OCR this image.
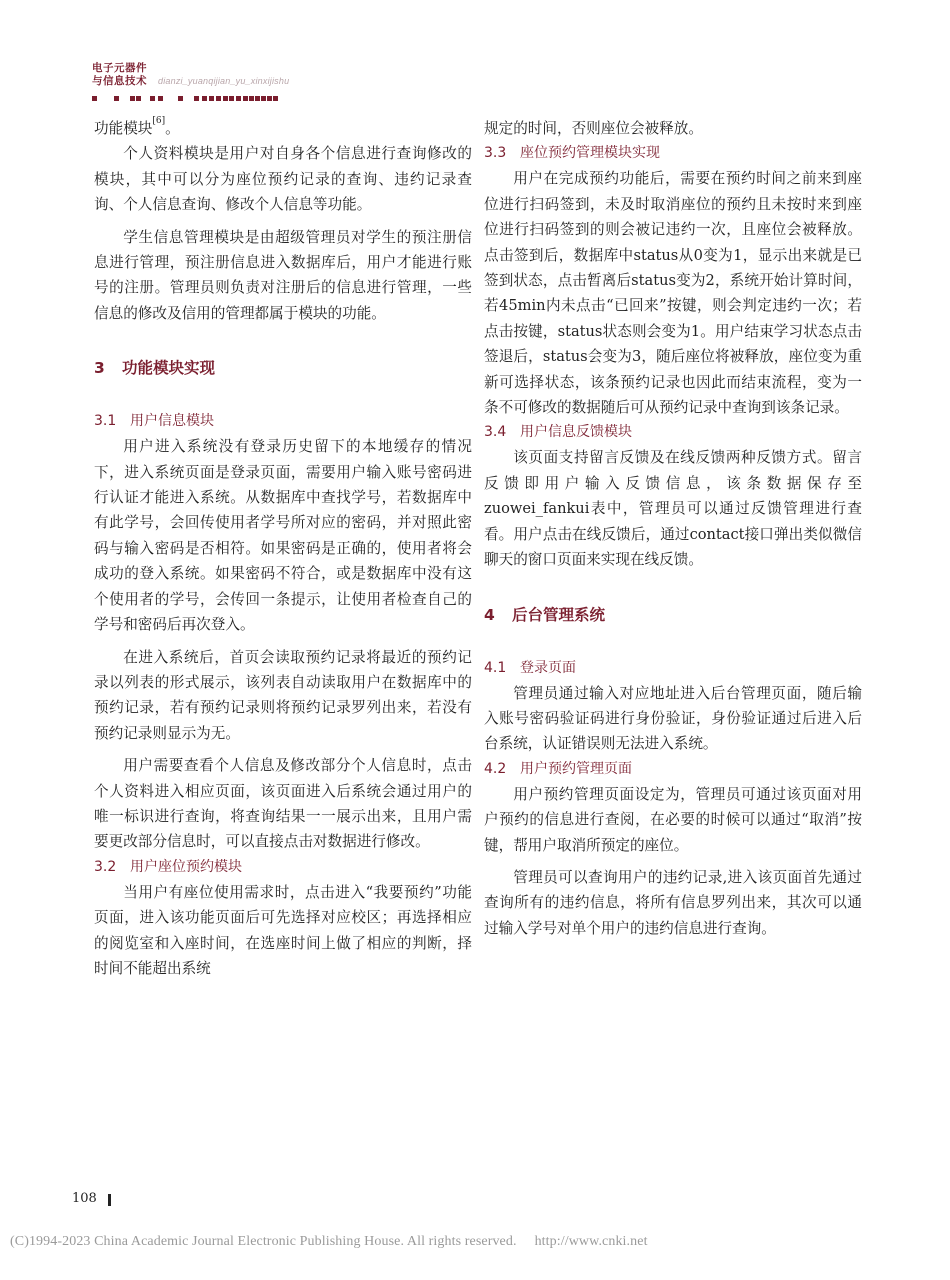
电子元器件
与信息技术	dianzi_yuanqijian_yu_xinxijishu

功能模块[6]。

个人资料模块是用户对自身各个信息进行查询修改的模块，其中可以分为座位预约记录的查询、违约记录查询、个人信息查询、修改个人信息等功能。

学生信息管理模块是由超级管理员对学生的预注册信息进行管理，预注册信息进入数据库后，用户才能进行账号的注册。管理员则负责对注册后的信息进行管理，一些信息的修改及信用的管理都属于模块的功能。

3 功能模块实现
3.1 用户信息模块

用户进入系统没有登录历史留下的本地缓存的情况下，进入系统页面是登录页面，需要用户输入账号密码进行认证才能进入系统。从数据库中查找学号，若数据库中有此学号，会回传使用者学号所对应的密码，并对照此密码与输入密码是否相符。如果密码是正确的，使用者将会成功的登入系统。如果密码不符合，或是数据库中没有这个使用者的学号，会传回一条提示，让使用者检查自己的学号和密码后再次登入。

在进入系统后，首页会读取预约记录将最近的预约记录以列表的形式展示，该列表自动读取用户在数据库中的预约记录，若有预约记录则将预约记录罗列出来，若没有预约记录则显示为无。

用户需要查看个人信息及修改部分个人信息时，点击个人资料进入相应页面，该页面进入后系统会通过用户的唯一标识进行查询，将查询结果一一展示出来，且用户需要更改部分信息时，可以直接点击对数据进行修改。

3.2 用户座位预约模块

当用户有座位使用需求时，点击进入“我要预约”功能页面，进入该功能页面后可先选择对应校区；再选择相应的阅览室和入座时间，在选座时间上做了相应的判断，择时间不能超出系统

规定的时间，否则座位会被释放。

3.3 座位预约管理模块实现

用户在完成预约功能后，需要在预约时间之前来到座位进行扫码签到，未及时取消座位的预约且未按时来到座位进行扫码签到的则会被记违约一次，且座位会被释放。点击签到后，数据库中status从0变为1，显示出来就是已签到状态，点击暂离后status变为2，系统开始计算时间，若45min内未点击“已回来”按键，则会判定违约一次；若点击按键，status状态则会变为1。用户结束学习状态点击签退后，status会变为3，随后座位将被释放，座位变为重新可选择状态，该条预约记录也因此而结束流程，变为一条不可修改的数据随后可从预约记录中查询到该条记录。

3.4 用户信息反馈模块

该页面支持留言反馈及在线反馈两种反馈方式。留言反馈即用户输入反馈信息，该条数据保存至zuowei_fankui表中，管理员可以通过反馈管理进行查看。用户点击在线反馈后，通过contact接口弹出类似微信聊天的窗口页面来实现在线反馈。

4 后台管理系统
4.1 登录页面

管理员通过输入对应地址进入后台管理页面，随后输入账号密码验证码进行身份验证，身份验证通过后进入后台系统，认证错误则无法进入系统。

4.2 用户预约管理页面

用户预约管理页面设定为，管理员可通过该页面对用户预约的信息进行查阅，在必要的时候可以通过“取消”按键，帮用户取消所预定的座位。

管理员可以查询用户的违约记录,进入该页面首先通过查询所有的违约信息，将所有信息罗列出来，其次可以通过输入学号对单个用户的违约信息进行查询。

108
(C)1994-2023 China Academic Journal Electronic Publishing House. All rights reserved. http://www.cnki.net
